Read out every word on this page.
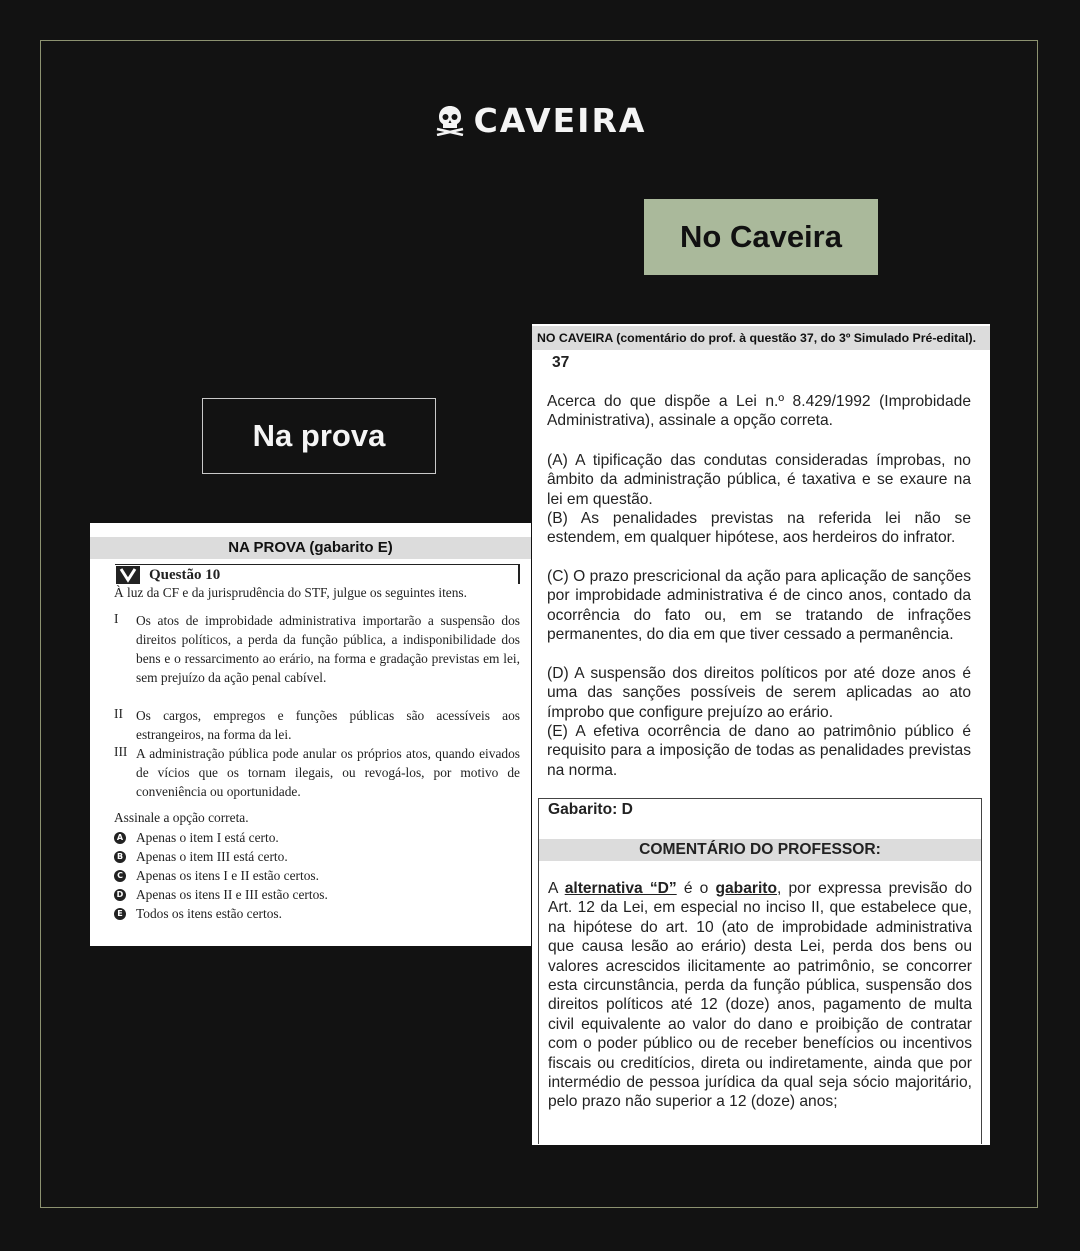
CAVEIRA
No Caveira
Na prova
NA PROVA (gabarito E)
Questão 10
À luz da CF e da jurisprudência do STF, julgue os seguintes itens.
I	Os atos de improbidade administrativa importarão a suspensão dos direitos políticos, a perda da função pública, a indisponibilidade dos bens e o ressarcimento ao erário, na forma e gradação previstas em lei, sem prejuízo da ação penal cabível.
II Os cargos, empregos e funções públicas são acessíveis aos estrangeiros, na forma da lei.
III A administração pública pode anular os próprios atos, quando eivados de vícios que os tornam ilegais, ou revogá-los, por motivo de conveniência ou oportunidade.
Assinale a opção correta.
A Apenas o item I está certo.
B Apenas o item III está certo.
C Apenas os itens I e II estão certos.
D Apenas os itens II e III estão certos.
E Todos os itens estão certos.
NO CAVEIRA (comentário do prof. à questão 37, do 3º Simulado Pré-edital).
37
Acerca do que dispõe a Lei n.º 8.429/1992 (Improbidade Administrativa), assinale a opção correta.
(A) A tipificação das condutas consideradas ímprobas, no âmbito da administração pública, é taxativa e se exaure na lei em questão.
(B) As penalidades previstas na referida lei não se estendem, em qualquer hipótese, aos herdeiros do infrator.
(C) O prazo prescricional da ação para aplicação de sanções por improbidade administrativa é de cinco anos, contado da ocorrência do fato ou, em se tratando de infrações permanentes, do dia em que tiver cessado a permanência.
(D) A suspensão dos direitos políticos por até doze anos é uma das sanções possíveis de serem aplicadas ao ato ímprobo que configure prejuízo ao erário.
(E) A efetiva ocorrência de dano ao patrimônio público é requisito para a imposição de todas as penalidades previstas na norma.
Gabarito: D
COMENTÁRIO DO PROFESSOR:
A alternativa “D” é o gabarito, por expressa previsão do Art. 12 da Lei, em especial no inciso II, que estabelece que, na hipótese do art. 10 (ato de improbidade administrativa que causa lesão ao erário) desta Lei, perda dos bens ou valores acrescidos ilicitamente ao patrimônio, se concorrer esta circunstância, perda da função pública, suspensão dos direitos políticos até 12 (doze) anos, pagamento de multa civil equivalente ao valor do dano e proibição de contratar com o poder público ou de receber benefícios ou incentivos fiscais ou creditícios, direta ou indiretamente, ainda que por intermédio de pessoa jurídica da qual seja sócio majoritário, pelo prazo não superior a 12 (doze) anos;
